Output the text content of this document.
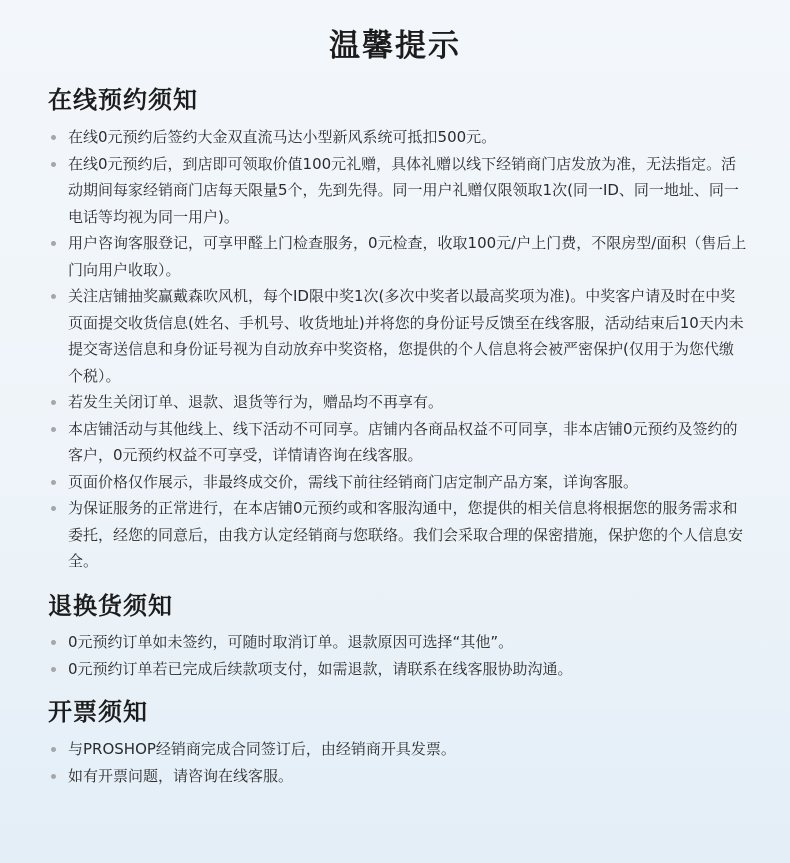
温馨提示
在线预约须知
在线0元预约后签约大金双直流马达小型新风系统可抵扣500元。
在线0元预约后，到店即可领取价值100元礼赠，具体礼赠以线下经销商门店发放为准，无法指定。活动期间每家经销商门店每天限量5个，先到先得。同一用户礼赠仅限领取1次(同一ID、同一地址、同一电话等均视为同一用户)。
用户咨询客服登记，可享甲醛上门检查服务，0元检查，收取100元/户上门费，不限房型/面积（售后上门向用户收取）。
关注店铺抽奖赢戴森吹风机，每个ID限中奖1次(多次中奖者以最高奖项为准)。中奖客户请及时在中奖页面提交收货信息(姓名、手机号、收货地址)并将您的身份证号反馈至在线客服，活动结束后10天内未提交寄送信息和身份证号视为自动放弃中奖资格，您提供的个人信息将会被严密保护(仅用于为您代缴个税）。
若发生关闭订单、退款、退货等行为，赠品均不再享有。
本店铺活动与其他线上、线下活动不可同享。店铺内各商品权益不可同享，非本店铺0元预约及签约的客户，0元预约权益不可享受，详情请咨询在线客服。
页面价格仅作展示，非最终成交价，需线下前往经销商门店定制产品方案，详询客服。
为保证服务的正常进行，在本店铺0元预约或和客服沟通中，您提供的相关信息将根据您的服务需求和委托，经您的同意后，由我方认定经销商与您联络。我们会采取合理的保密措施，保护您的个人信息安全。
退换货须知
0元预约订单如未签约，可随时取消订单。退款原因可选择“其他”。
0元预约订单若已完成后续款项支付，如需退款，请联系在线客服协助沟通。
开票须知
与PROSHOP经销商完成合同签订后，由经销商开具发票。
如有开票问题，请咨询在线客服。
